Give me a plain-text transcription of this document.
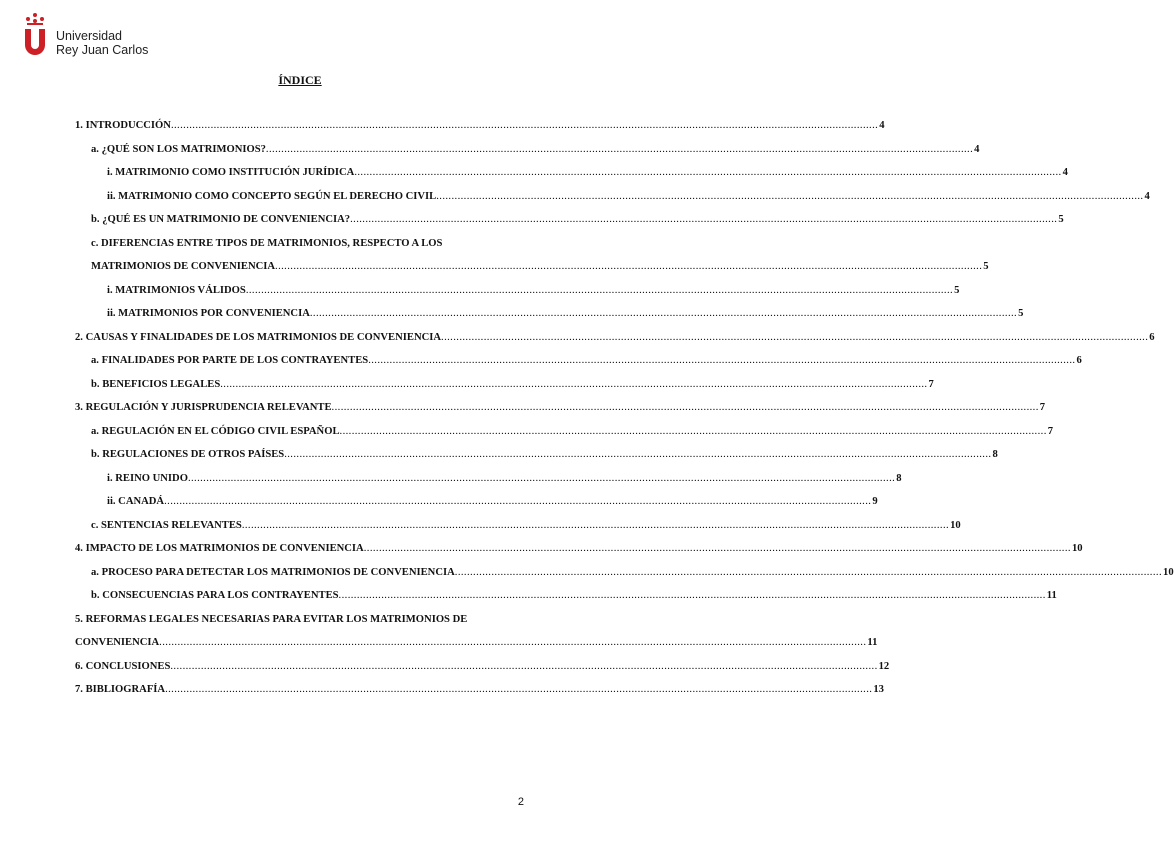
Universidad
Rey Juan Carlos
ÍNDICE
1. INTRODUCCIÓN .....	4
a. ¿QUÉ SON LOS MATRIMONIOS? .....	4
i. MATRIMONIO COMO INSTITUCIÓN JURÍDICA .....	4
ii. MATRIMONIO COMO CONCEPTO SEGÚN EL DERECHO CIVIL .....	4
b. ¿QUÉ ES UN MATRIMONIO DE CONVENIENCIA? .....	5
c. DIFERENCIAS ENTRE TIPOS DE MATRIMONIOS, RESPECTO A LOS
MATRIMONIOS DE CONVENIENCIA .....	5
i. MATRIMONIOS VÁLIDOS .....	5
ii. MATRIMONIOS POR CONVENIENCIA .....	5
2. CAUSAS Y FINALIDADES DE LOS MATRIMONIOS DE CONVENIENCIA .....	6
a. FINALIDADES POR PARTE DE LOS CONTRAYENTES .....	6
b. BENEFICIOS LEGALES .....	7
3. REGULACIÓN Y JURISPRUDENCIA RELEVANTE .....	7
a. REGULACIÓN EN EL CÓDIGO CIVIL ESPAÑOL .....	7
b. REGULACIONES DE OTROS PAÍSES .....	8
i. REINO UNIDO .....	8
ii. CANADÁ .....	9
c. SENTENCIAS RELEVANTES .....	10
4. IMPACTO DE LOS MATRIMONIOS DE CONVENIENCIA .....	10
a. PROCESO PARA DETECTAR LOS MATRIMONIOS DE CONVENIENCIA .....	10
b. CONSECUENCIAS PARA LOS CONTRAYENTES .....	11
5. REFORMAS LEGALES NECESARIAS PARA EVITAR LOS MATRIMONIOS DE
CONVENIENCIA .....	11
6. CONCLUSIONES .....	12
7. BIBLIOGRAFÍA .....	13
2
